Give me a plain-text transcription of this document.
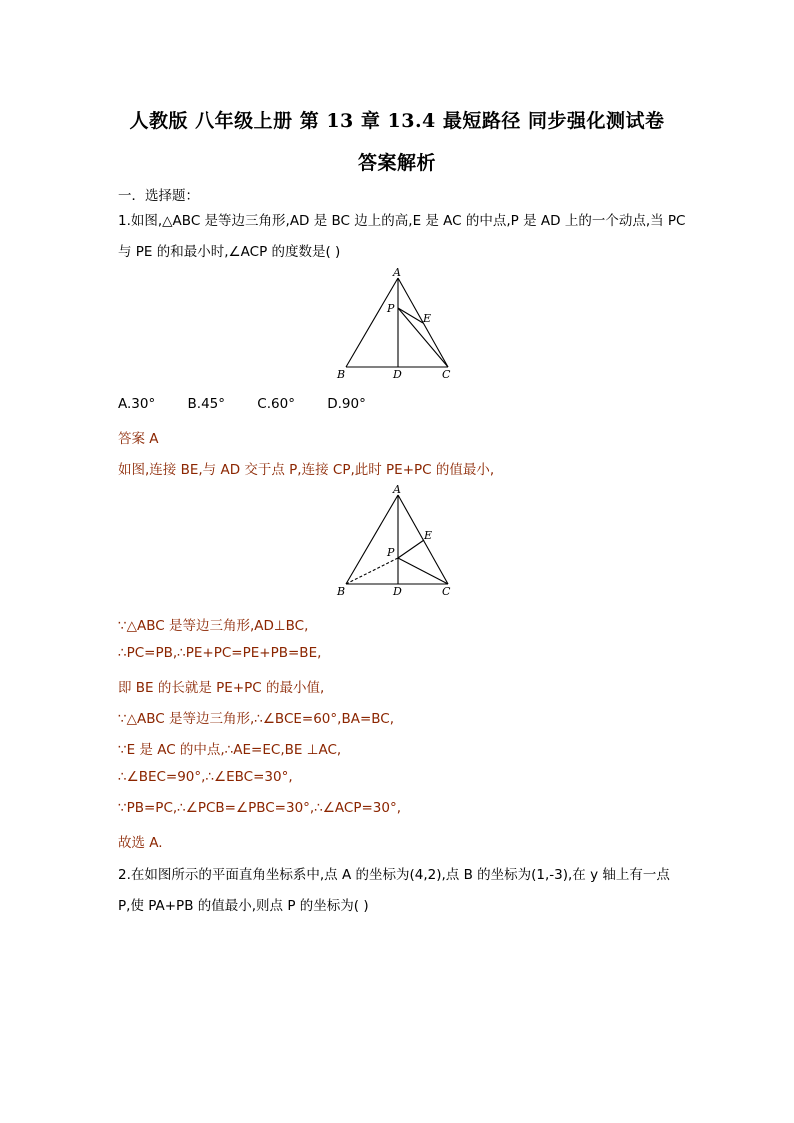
人教版 八年级上册 第 13 章 13.4 最短路径 同步强化测试卷
答案解析
一．选择题：
1.如图,△ABC 是等边三角形,AD 是 BC 边上的高,E 是 AC 的中点,P 是 AD 上的一个动点,当 PC
与 PE 的和最小时,∠ACP 的度数是( )
A
B	C
D
E
P
A.30° B.45° C.60° D.90°
答案 A
如图,连接 BE,与 AD 交于点 P,连接 CP,此时 PE+PC 的值最小,
A
B	C
D
E
P
∵△ABC 是等边三角形,AD⊥BC,
∴PC=PB,∴PE+PC=PE+PB=BE,
即 BE 的长就是 PE+PC 的最小值,
∵△ABC 是等边三角形,∴∠BCE=60°,BA=BC,
∵E 是 AC 的中点,∴AE=EC,BE ⊥AC,
∴∠BEC=90°,∴∠EBC=30°,
∵PB=PC,∴∠PCB=∠PBC=30°,∴∠ACP=30°,
故选 A.
2.在如图所示的平面直角坐标系中,点 A 的坐标为(4,2),点 B 的坐标为(1,-3),在 y 轴上有一点
P,使 PA+PB 的值最小,则点 P 的坐标为( )
